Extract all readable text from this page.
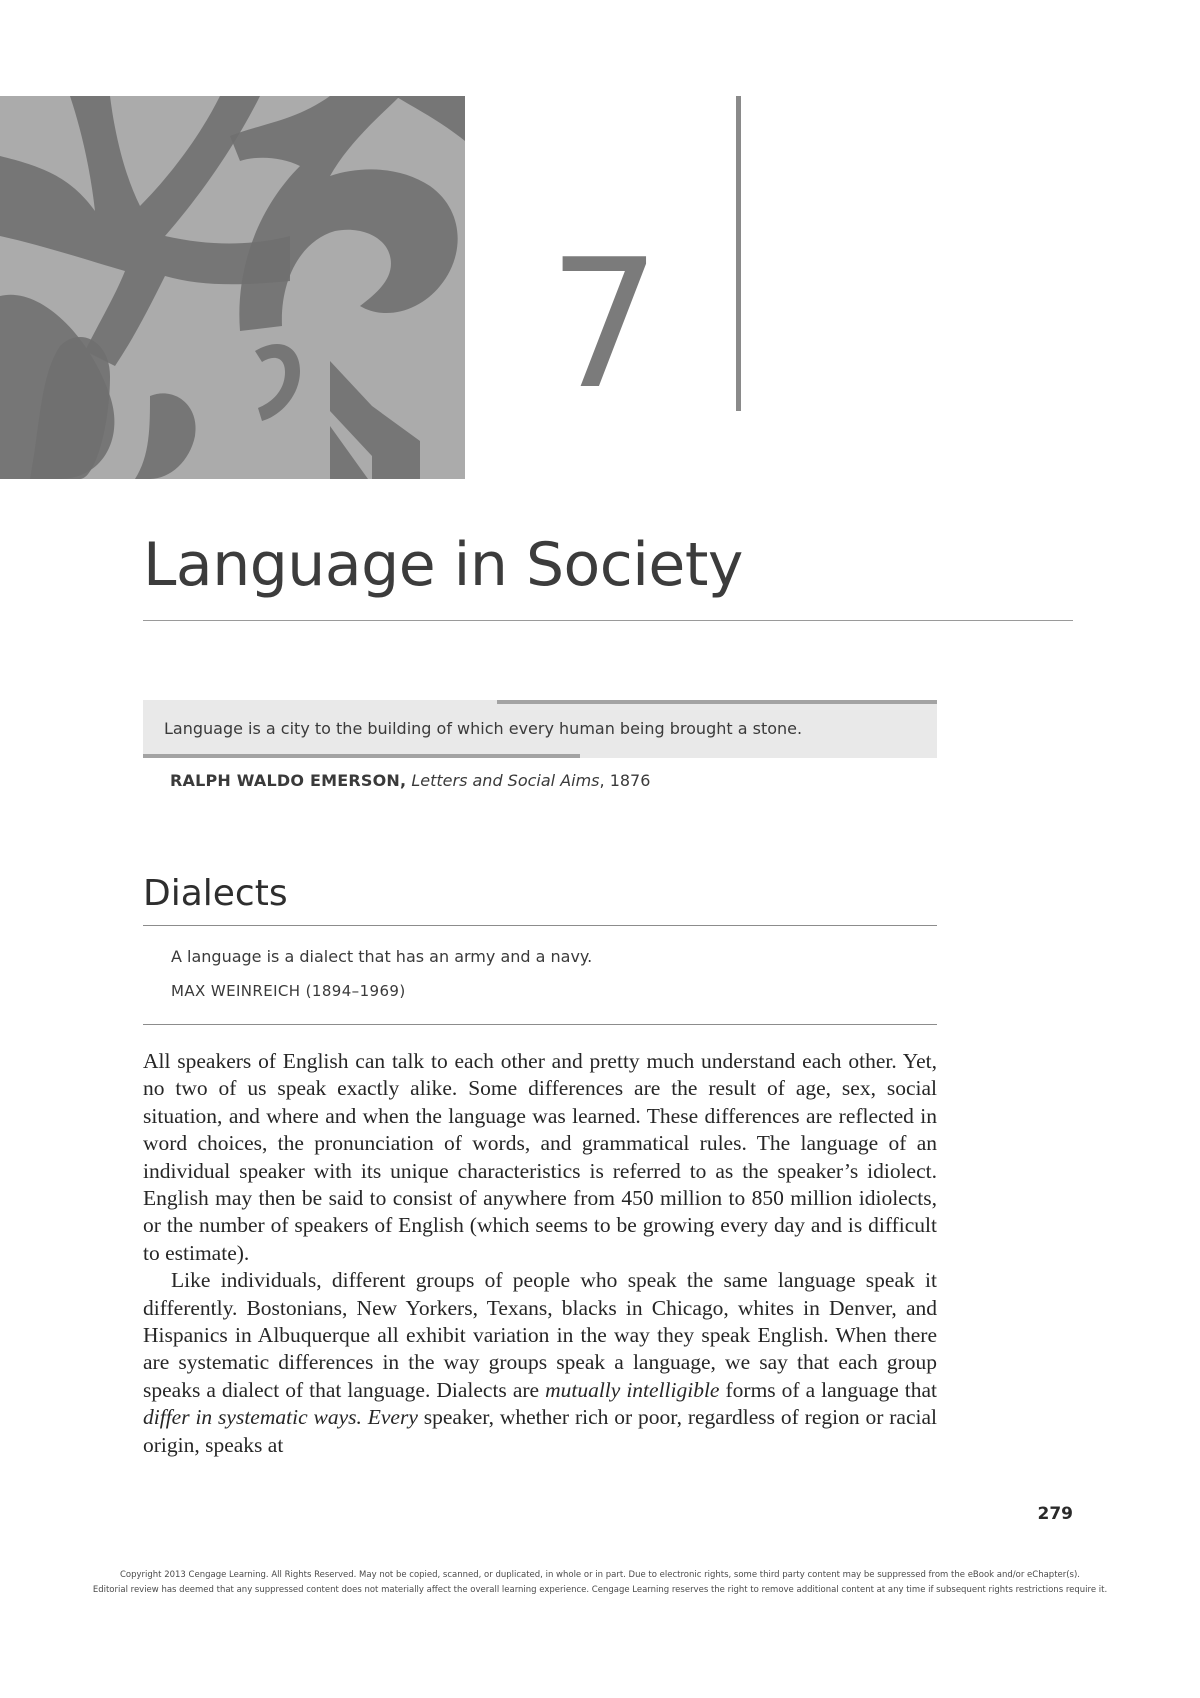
7
Language in Society
Language is a city to the building of which every human being brought a stone.
RALPH WALDO EMERSON, Letters and Social Aims, 1876
Dialects
A language is a dialect that has an army and a navy.
MAX WEINREICH (1894–1969)

All speakers of English can talk to each other and pretty much understand each other. Yet, no two of us speak exactly alike. Some differences are the result of age, sex, social situation, and where and when the language was learned. These differences are reflected in word choices, the pronunciation of words, and grammatical rules. The language of an individual speaker with its unique characteristics is referred to as the speaker’s idiolect. English may then be said to consist of anywhere from 450 million to 850 million idiolects, or the number of speakers of English (which seems to be growing every day and is difficult to estimate).

Like individuals, different groups of people who speak the same language speak it differently. Bostonians, New Yorkers, Texans, blacks in Chicago, whites in Denver, and Hispanics in Albuquerque all exhibit variation in the way they speak English. When there are systematic differences in the way groups speak a language, we say that each group speaks a dialect of that language. Dialects are mutually intelligible forms of a language that differ in systematic ways. Every speaker, whether rich or poor, regardless of region or racial origin, speaks at

279
Copyright 2013 Cengage Learning. All Rights Reserved. May not be copied, scanned, or duplicated, in whole or in part. Due to electronic rights, some third party content may be suppressed from the eBook and/or eChapter(s).
Editorial review has deemed that any suppressed content does not materially affect the overall learning experience. Cengage Learning reserves the right to remove additional content at any time if subsequent rights restrictions require it.
